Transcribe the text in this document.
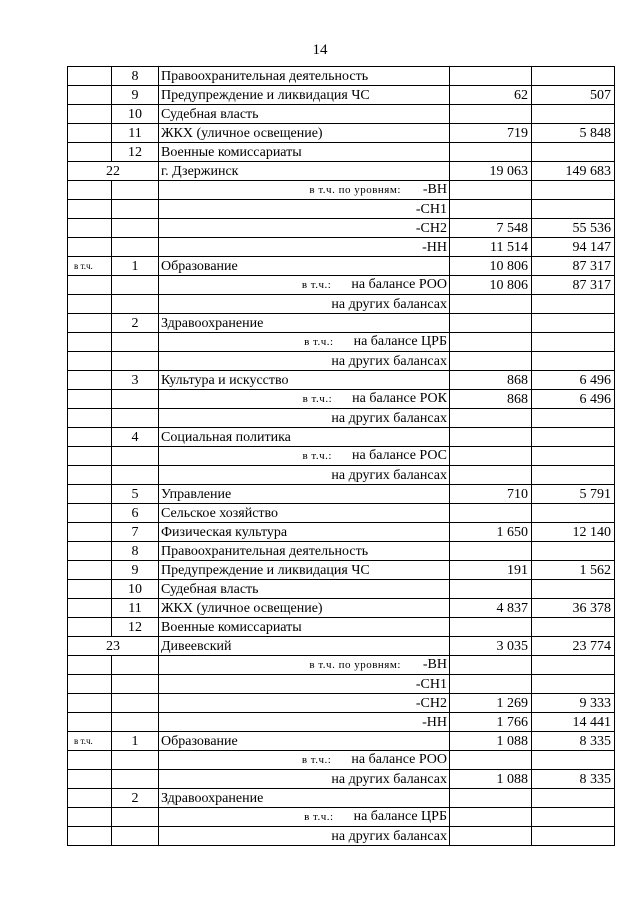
14
	8	Правоохранительная деятельность		
	9	Предупреждение и ликвидация ЧС	62	507
	10	Судебная власть		
	11	ЖКХ (уличное освещение)	719	5 848
	12	Военные комиссариаты		
22		г. Дзержинск	19 063	149 683
		в т.ч. по уровням: -ВН		
		-СН1		
		-СН2	7 548	55 536
		-НН	11 514	94 147
в т.ч.	1	Образование	10 806	87 317
		в т.ч.: на балансе РОО	10 806	87 317
		на других балансах		
	2	Здравоохранение		
		в т.ч.: на балансе ЦРБ		
		на других балансах		
	3	Культура и искусство	868	6 496
		в т.ч.: на балансе РОК	868	6 496
		на других балансах		
	4	Социальная политика		
		в т.ч.: на балансе РОС		
		на других балансах		
	5	Управление	710	5 791
	6	Сельское хозяйство		
	7	Физическая культура	1 650	12 140
	8	Правоохранительная деятельность		
	9	Предупреждение и ликвидация ЧС	191	1 562
	10	Судебная власть		
	11	ЖКХ (уличное освещение)	4 837	36 378
	12	Военные комиссариаты		
23		Дивеевский	3 035	23 774
		в т.ч. по уровням: -ВН		
		-СН1		
		-СН2	1 269	9 333
		-НН	1 766	14 441
в т.ч.	1	Образование	1 088	8 335
		в т.ч.: на балансе РОО		
		на других балансах	1 088	8 335
	2	Здравоохранение		
		в т.ч.: на балансе ЦРБ		
		на других балансах		
